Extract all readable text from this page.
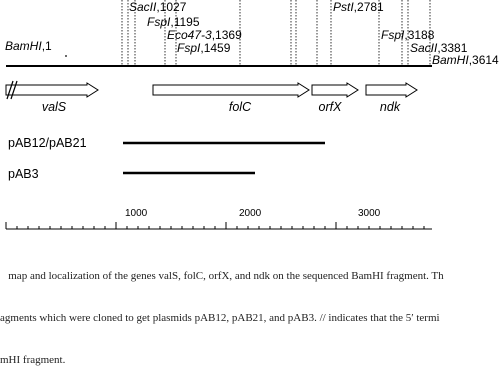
BamHI,1
SacII,1027
FspI,1195
Eco47-3,1369
FspI,1459
PstI,2781
FspI,3188
SacII,3381
BamHI,3614
valS	folC	orfX	ndk
pAB12/pAB21
pAB3
1000	2000	3000

map and localization of the genes valS, folC, orfX, and ndk on the sequenced BamHI fragment. Th

agments which were cloned to get plasmids pAB12, pAB21, and pAB3. // indicates that the 5′ termi

mHI fragment.
